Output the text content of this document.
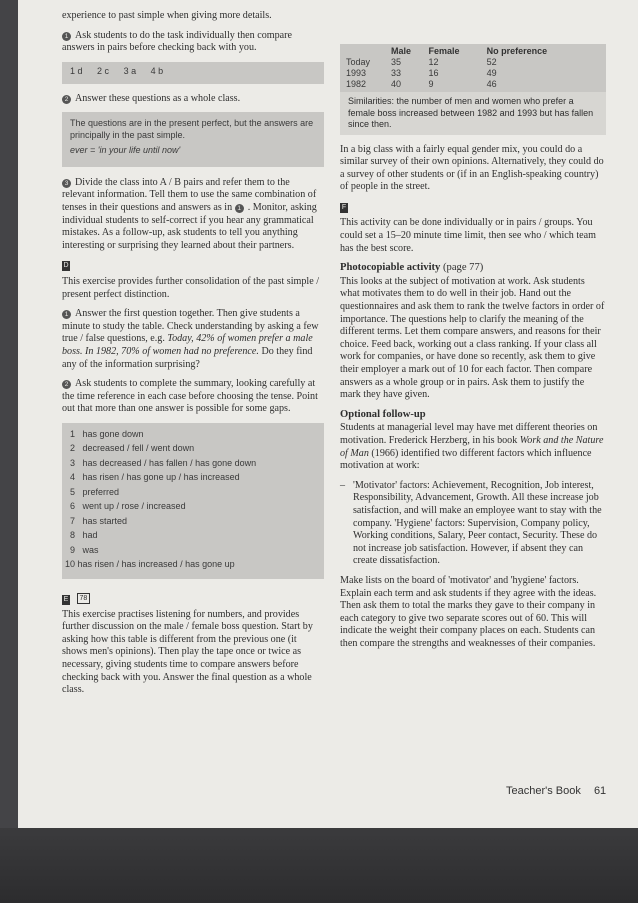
experience to past simple when giving more details.

1 Ask students to do the task individually then compare answers in pairs before checking back with you.

1 d 2 c 3 a 4 b

2 Answer these questions as a whole class.

The questions are in the present perfect, but the answers are principally in the past simple.
ever = 'in your life until now'

3 Divide the class into A / B pairs and refer them to the relevant information. Tell them to use the same combination of tenses in their questions and answers as in 1 . Monitor, asking individual students to self-correct if you hear any grammatical mistakes. As a follow-up, ask students to tell you anything interesting or surprising they learned about their partners.

D

This exercise provides further consolidation of the past simple / present perfect distinction.

1 Answer the first question together. Then give students a minute to study the table. Check understanding by asking a few true / false questions, e.g. Today, 42% of women prefer a male boss. In 1982, 70% of women had no preference. Do they find any of the information surprising?

2 Ask students to complete the summary, looking carefully at the time reference in each case before choosing the tense. Point out that more than one answer is possible for some gaps.

1 has gone down
2 decreased / fell / went down
3 has decreased / has fallen / has gone down
4 has risen / has gone up / has increased
5 preferred
6 went up / rose / increased
7 has started
8 had
9 was
10 has risen / has increased / has gone up

E 78

This exercise practises listening for numbers, and provides further discussion on the male / female boss question. Start by asking how this table is different from the previous one (it shows men's opinions). Then play the tape once or twice as necessary, giving students time to compare answers before checking back with you. Answer the final question as a whole class.

	Male	Female	No preference
Today	35	12	52
1993	33	16	49
1982	40	9	46
Similarities: the number of men and women who prefer a female boss increased between 1982 and 1993 but has fallen since then.

In a big class with a fairly equal gender mix, you could do a similar survey of their own opinions. Alternatively, they could do a survey of other students or (if in an English-speaking country) of people in the street.

F

This activity can be done individually or in pairs / groups. You could set a 15–20 minute time limit, then see who / which team has the best score.

Photocopiable activity (page 77)

This looks at the subject of motivation at work. Ask students what motivates them to do well in their job. Hand out the questionnaires and ask them to rank the twelve factors in order of importance. The questions help to clarify the meaning of the different terms. Let them compare answers, and reasons for their choice. Feed back, working out a class ranking. If your class all work for companies, or have done so recently, ask them to give their employer a mark out of 10 for each factor. Then compare answers as a whole group or in pairs. Ask them to justify the mark they have given.

Optional follow-up

Students at managerial level may have met different theories on motivation. Frederick Herzberg, in his book Work and the Nature of Man (1966) identified two different factors which influence motivation at work:

– 'Motivator' factors: Achievement, Recognition, Job interest, Responsibility, Advancement, Growth. All these increase job satisfaction, and will make an employee want to stay with the company. 'Hygiene' factors: Supervision, Company policy, Working conditions, Salary, Peer contact, Security. These do not increase job satisfaction. However, if absent they can create dissatisfaction.

Make lists on the board of 'motivator' and 'hygiene' factors. Explain each term and ask students if they agree with the ideas. Then ask them to total the marks they gave to their company in each category to give two separate scores out of 60. This will indicate the weight their company places on each. Students can then compare the strengths and weaknesses of their companies.

Teacher's Book 61
